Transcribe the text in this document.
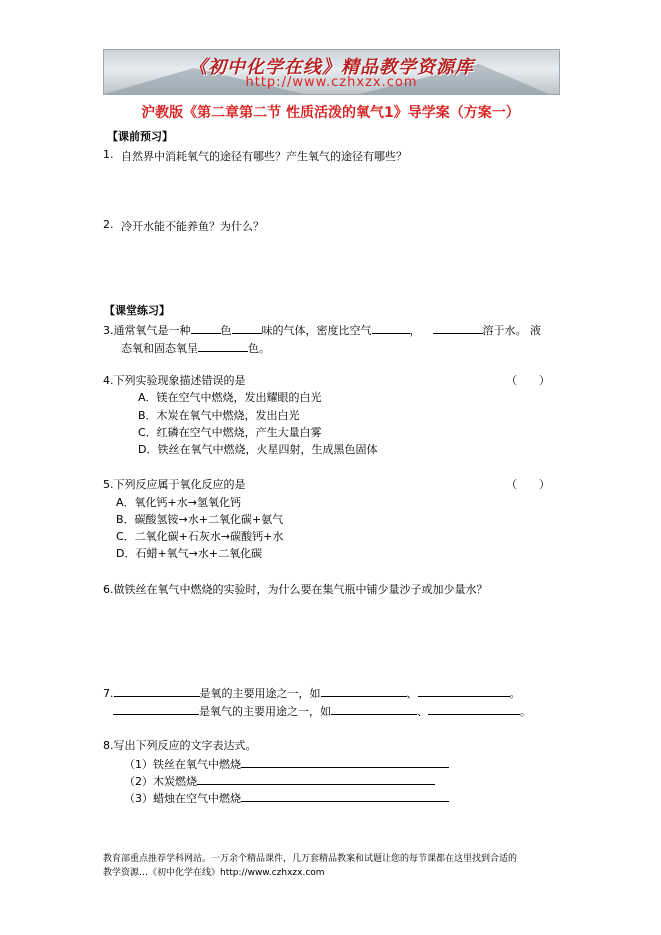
《初中化学在线》精品教学资源库
http://www.czhxzx.com
沪教版《第二章第二节 性质活泼的氧气1》导学案（方案一）
【课前预习】
1. 自然界中消耗氧气的途径有哪些？产生氧气的途径有哪些？
2. 冷开水能不能养鱼？为什么？
【课堂练习】
3.通常氧气是一种	色	味的气体，密度比空气	，	溶于水。 液
态氧和固态氧呈	色。
4.下列实验现象描述错误的是	（　　）
A．镁在空气中燃烧，发出耀眼的白光
B．木炭在氧气中燃烧，发出白光
C．红磷在空气中燃烧，产生大量白雾
D．铁丝在氧气中燃烧，火星四射，生成黑色固体
5.下列反应属于氧化反应的是	（　　）
A．氧化钙+水→氢氧化钙
B．碳酸氢铵→水+二氧化碳+氨气
C．二氧化碳+石灰水→碳酸钙+水
D．石蜡+氧气→水+二氧化碳
6.做铁丝在氧气中燃烧的实验时，为什么要在集气瓶中铺少量沙子或加少量水？
7.	是氧的主要用途之一，如	、	。
是氧气的主要用途之一，如	、	。
8.写出下列反应的文字表达式。
（1）铁丝在氧气中燃烧
（2）木炭燃烧
（3）蜡烛在空气中燃烧
教育部重点推荐学科网站。一万余个精品课件，几万套精品教案和试题让您的每节课都在这里找到合适的
教学资源…《初中化学在线》http://www.czhxzx.com
